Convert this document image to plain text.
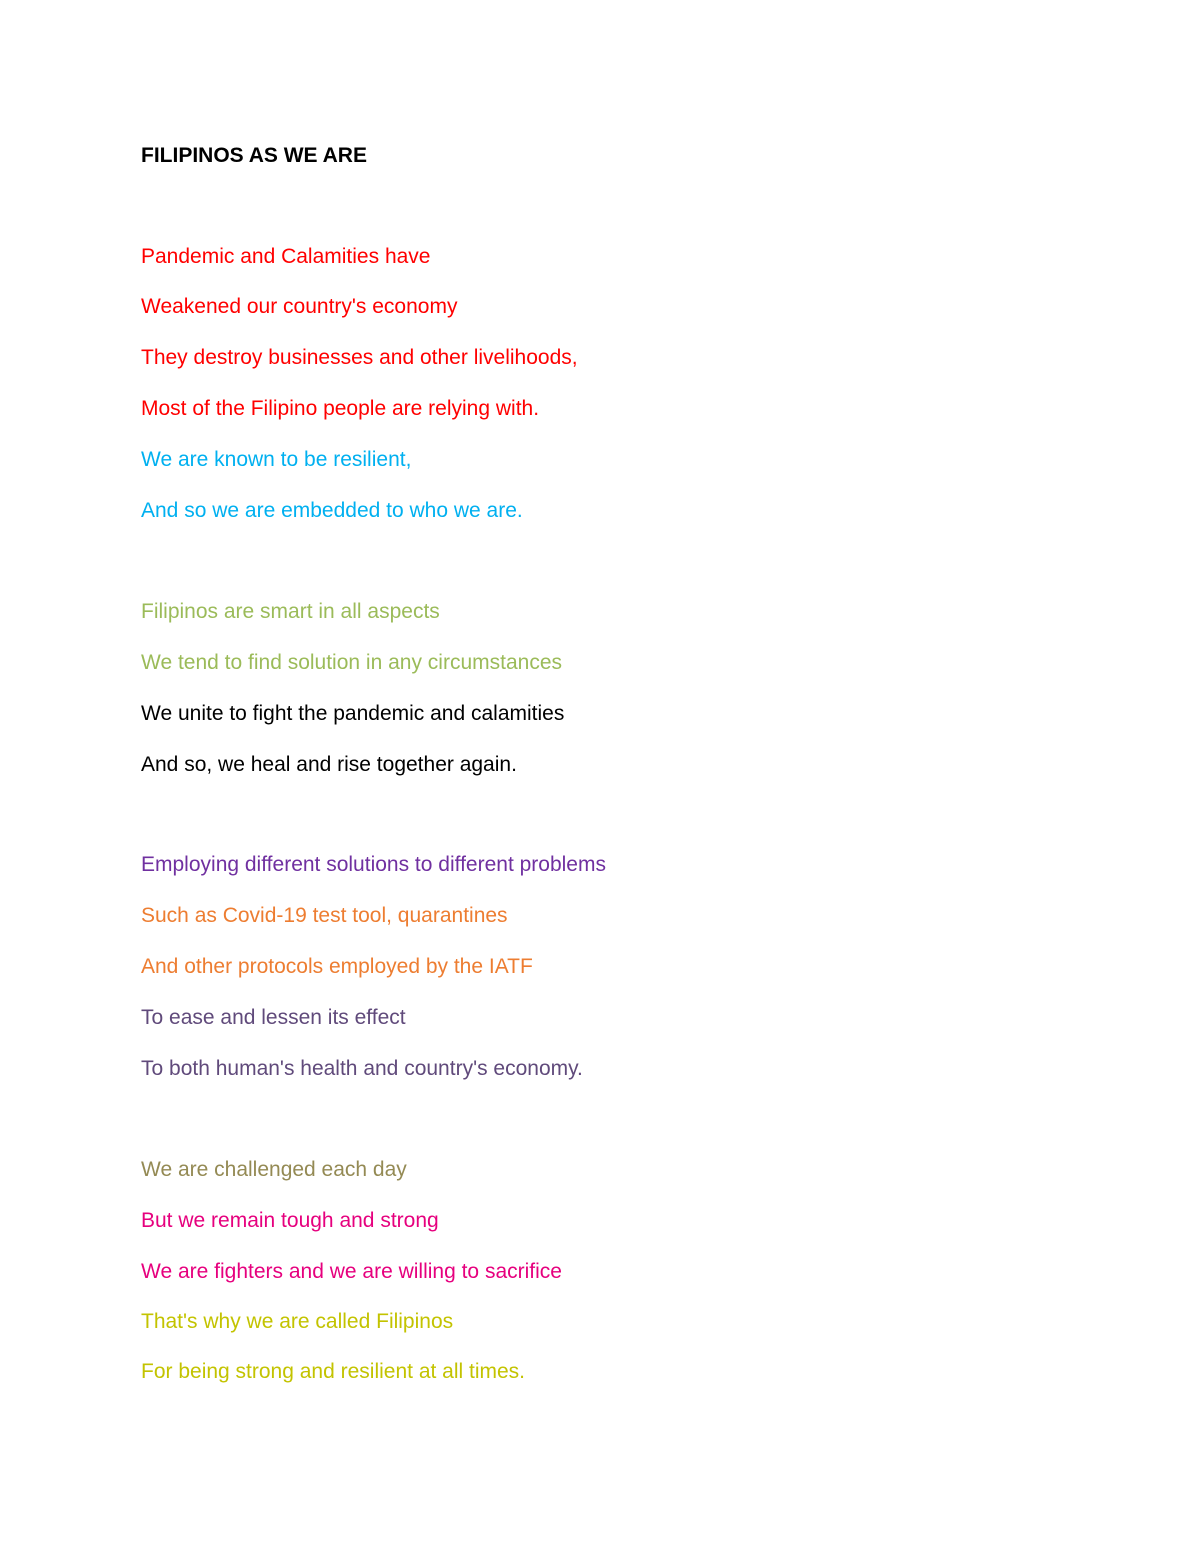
FILIPINOS AS WE ARE

Pandemic and Calamities have

Weakened our country's economy

They destroy businesses and other livelihoods,

Most of the Filipino people are relying with.

We are known to be resilient,

And so we are embedded to who we are.

Filipinos are smart in all aspects

We tend to find solution in any circumstances

We unite to fight the pandemic and calamities

And so, we heal and rise together again.

Employing different solutions to different problems

Such as Covid-19 test tool, quarantines

And other protocols employed by the IATF

To ease and lessen its effect

To both human's health and country's economy.

We are challenged each day

But we remain tough and strong

We are fighters and we are willing to sacrifice

That's why we are called Filipinos

For being strong and resilient at all times.
